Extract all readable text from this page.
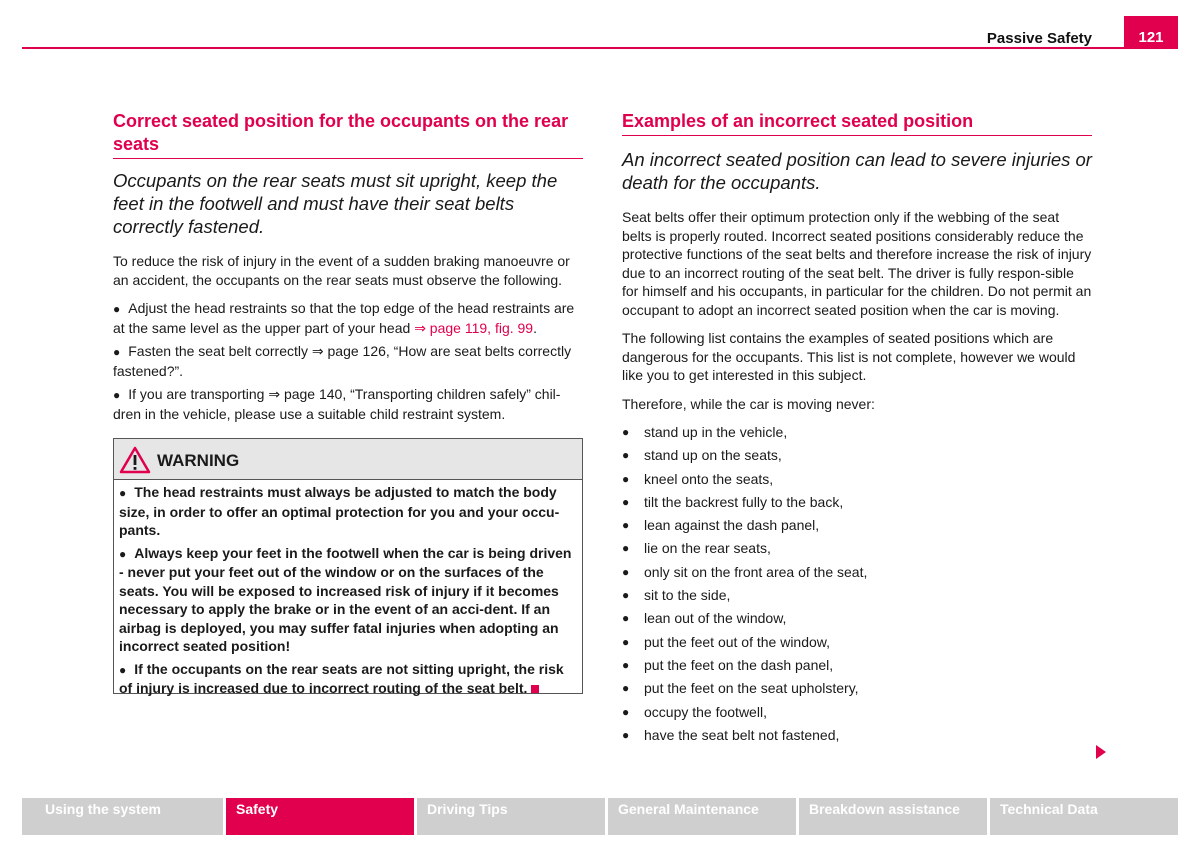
Passive Safety	121
Correct seated position for the occupants on the rear seats

Occupants on the rear seats must sit upright, keep the feet in the footwell and must have their seat belts correctly fastened.

To reduce the risk of injury in the event of a sudden braking manoeuvre or an accident, the occupants on the rear seats must observe the following.

● Adjust the head restraints so that the top edge of the head restraints are at the same level as the upper part of your head ⇒ page 119, fig. 99.

● Fasten the seat belt correctly ⇒ page 126, “How are seat belts correctly fastened?”.

● If you are transporting ⇒ page 140, “Transporting children safely” chil-dren in the vehicle, please use a suitable child restraint system.

WARNING

● The head restraints must always be adjusted to match the body size, in order to offer an optimal protection for you and your occu-pants.

● Always keep your feet in the footwell when the car is being driven - never put your feet out of the window or on the surfaces of the seats. You will be exposed to increased risk of injury if it becomes necessary to apply the brake or in the event of an acci-dent. If an airbag is deployed, you may suffer fatal injuries when adopting an incorrect seated position!

● If the occupants on the rear seats are not sitting upright, the risk of injury is increased due to incorrect routing of the seat belt.

Examples of an incorrect seated position

An incorrect seated position can lead to severe injuries or death for the occupants.

Seat belts offer their optimum protection only if the webbing of the seat belts is properly routed. Incorrect seated positions considerably reduce the protective functions of the seat belts and therefore increase the risk of injury due to an incorrect routing of the seat belt. The driver is fully respon-sible for himself and his occupants, in particular for the children. Do not permit an occupant to adopt an incorrect seated position when the car is moving.

The following list contains the examples of seated positions which are dangerous for the occupants. This list is not complete, however we would like you to get interested in this subject.

Therefore, while the car is moving never:

● stand up in the vehicle,
● stand up on the seats,
● kneel onto the seats,
● tilt the backrest fully to the back,
● lean against the dash panel,
● lie on the rear seats,
● only sit on the front area of the seat,
● sit to the side,
● lean out of the window,
● put the feet out of the window,
● put the feet on the dash panel,
● put the feet on the seat upholstery,
● occupy the footwell,
● have the seat belt not fastened,
Using the system	Safety	Driving Tips	General Maintenance	Breakdown assistance	Technical Data
